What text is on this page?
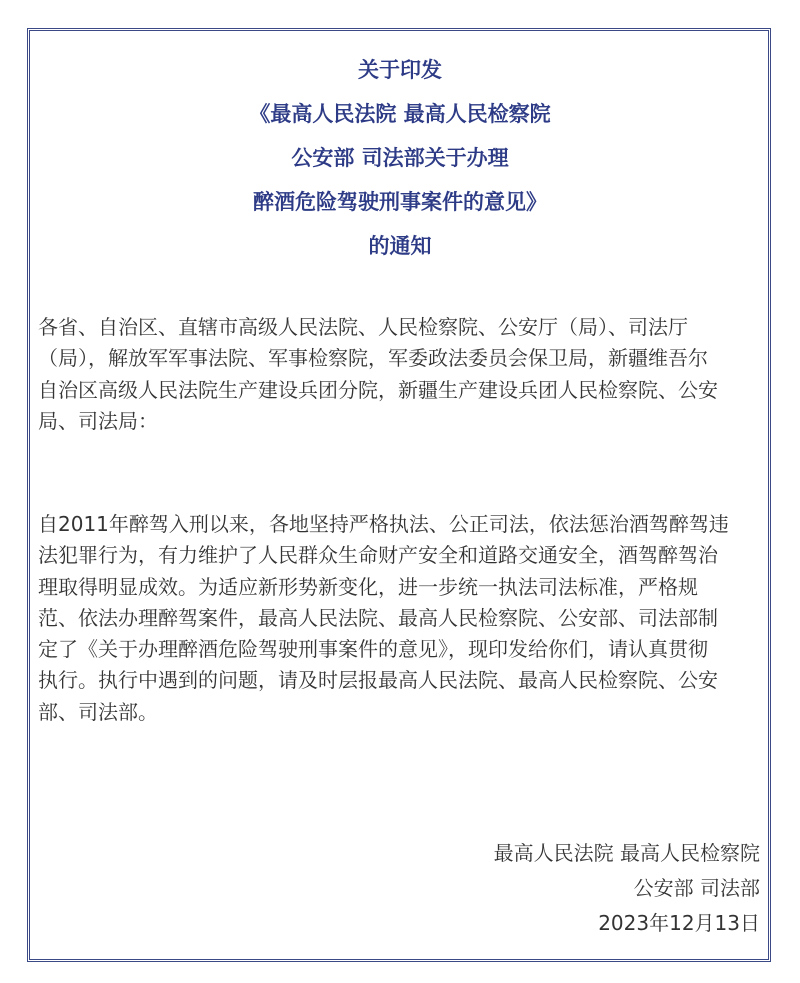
关于印发
《最高人民法院 最高人民检察院
公安部 司法部关于办理
醉酒危险驾驶刑事案件的意见》
的通知
各省、自治区、直辖市高级人民法院、人民检察院、公安厅（局）、司法厅
（局），解放军军事法院、军事检察院，军委政法委员会保卫局，新疆维吾尔
自治区高级人民法院生产建设兵团分院，新疆生产建设兵团人民检察院、公安
局、司法局：
自2011年醉驾入刑以来，各地坚持严格执法、公正司法，依法惩治酒驾醉驾违
法犯罪行为，有力维护了人民群众生命财产安全和道路交通安全，酒驾醉驾治
理取得明显成效。为适应新形势新变化，进一步统一执法司法标准，严格规
范、依法办理醉驾案件，最高人民法院、最高人民检察院、公安部、司法部制
定了《关于办理醉酒危险驾驶刑事案件的意见》，现印发给你们，请认真贯彻
执行。执行中遇到的问题，请及时层报最高人民法院、最高人民检察院、公安
部、司法部。
最高人民法院 最高人民检察院
公安部 司法部
2023年12月13日
